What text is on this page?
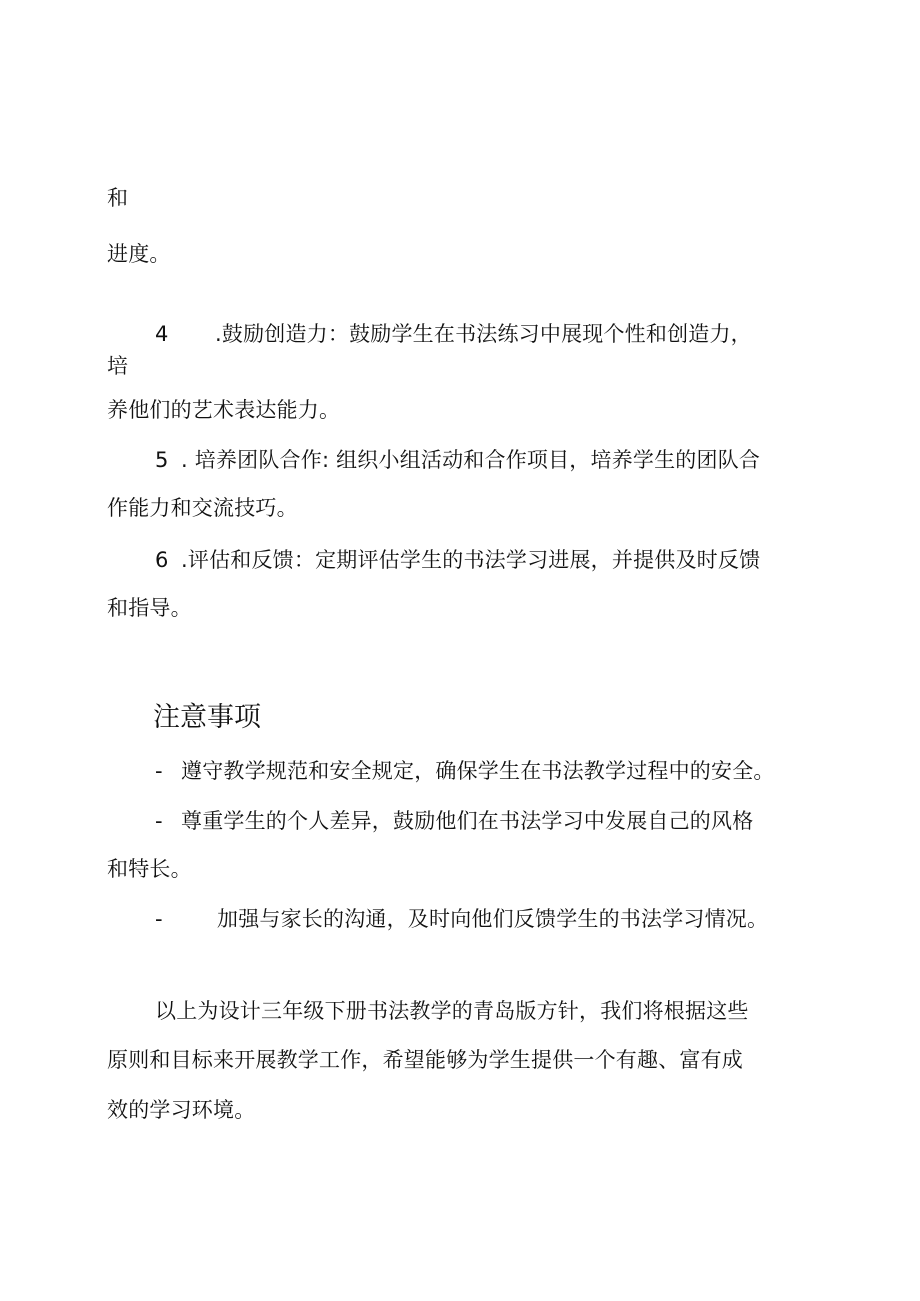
和
进度。
4 .鼓励创造力：鼓励学生在书法练习中展现个性和创造力，
培
养他们的艺术表达能力。
5 . 培养团队合作: 组织小组活动和合作项目，培养学生的团队合
作能力和交流技巧。
6 .评估和反馈：定期评估学生的书法学习进展，并提供及时反馈
和指导。
注意事项
- 遵守教学规范和安全规定，确保学生在书法教学过程中的安全。
- 尊重学生的个人差异，鼓励他们在书法学习中发展自己的风格
和特长。
-	加强与家长的沟通，及时向他们反馈学生的书法学习情况。
以上为设计三年级下册书法教学的青岛版方针，我们将根据这些
原则和目标来开展教学工作，希望能够为学生提供一个有趣、富有成
效的学习环境。
